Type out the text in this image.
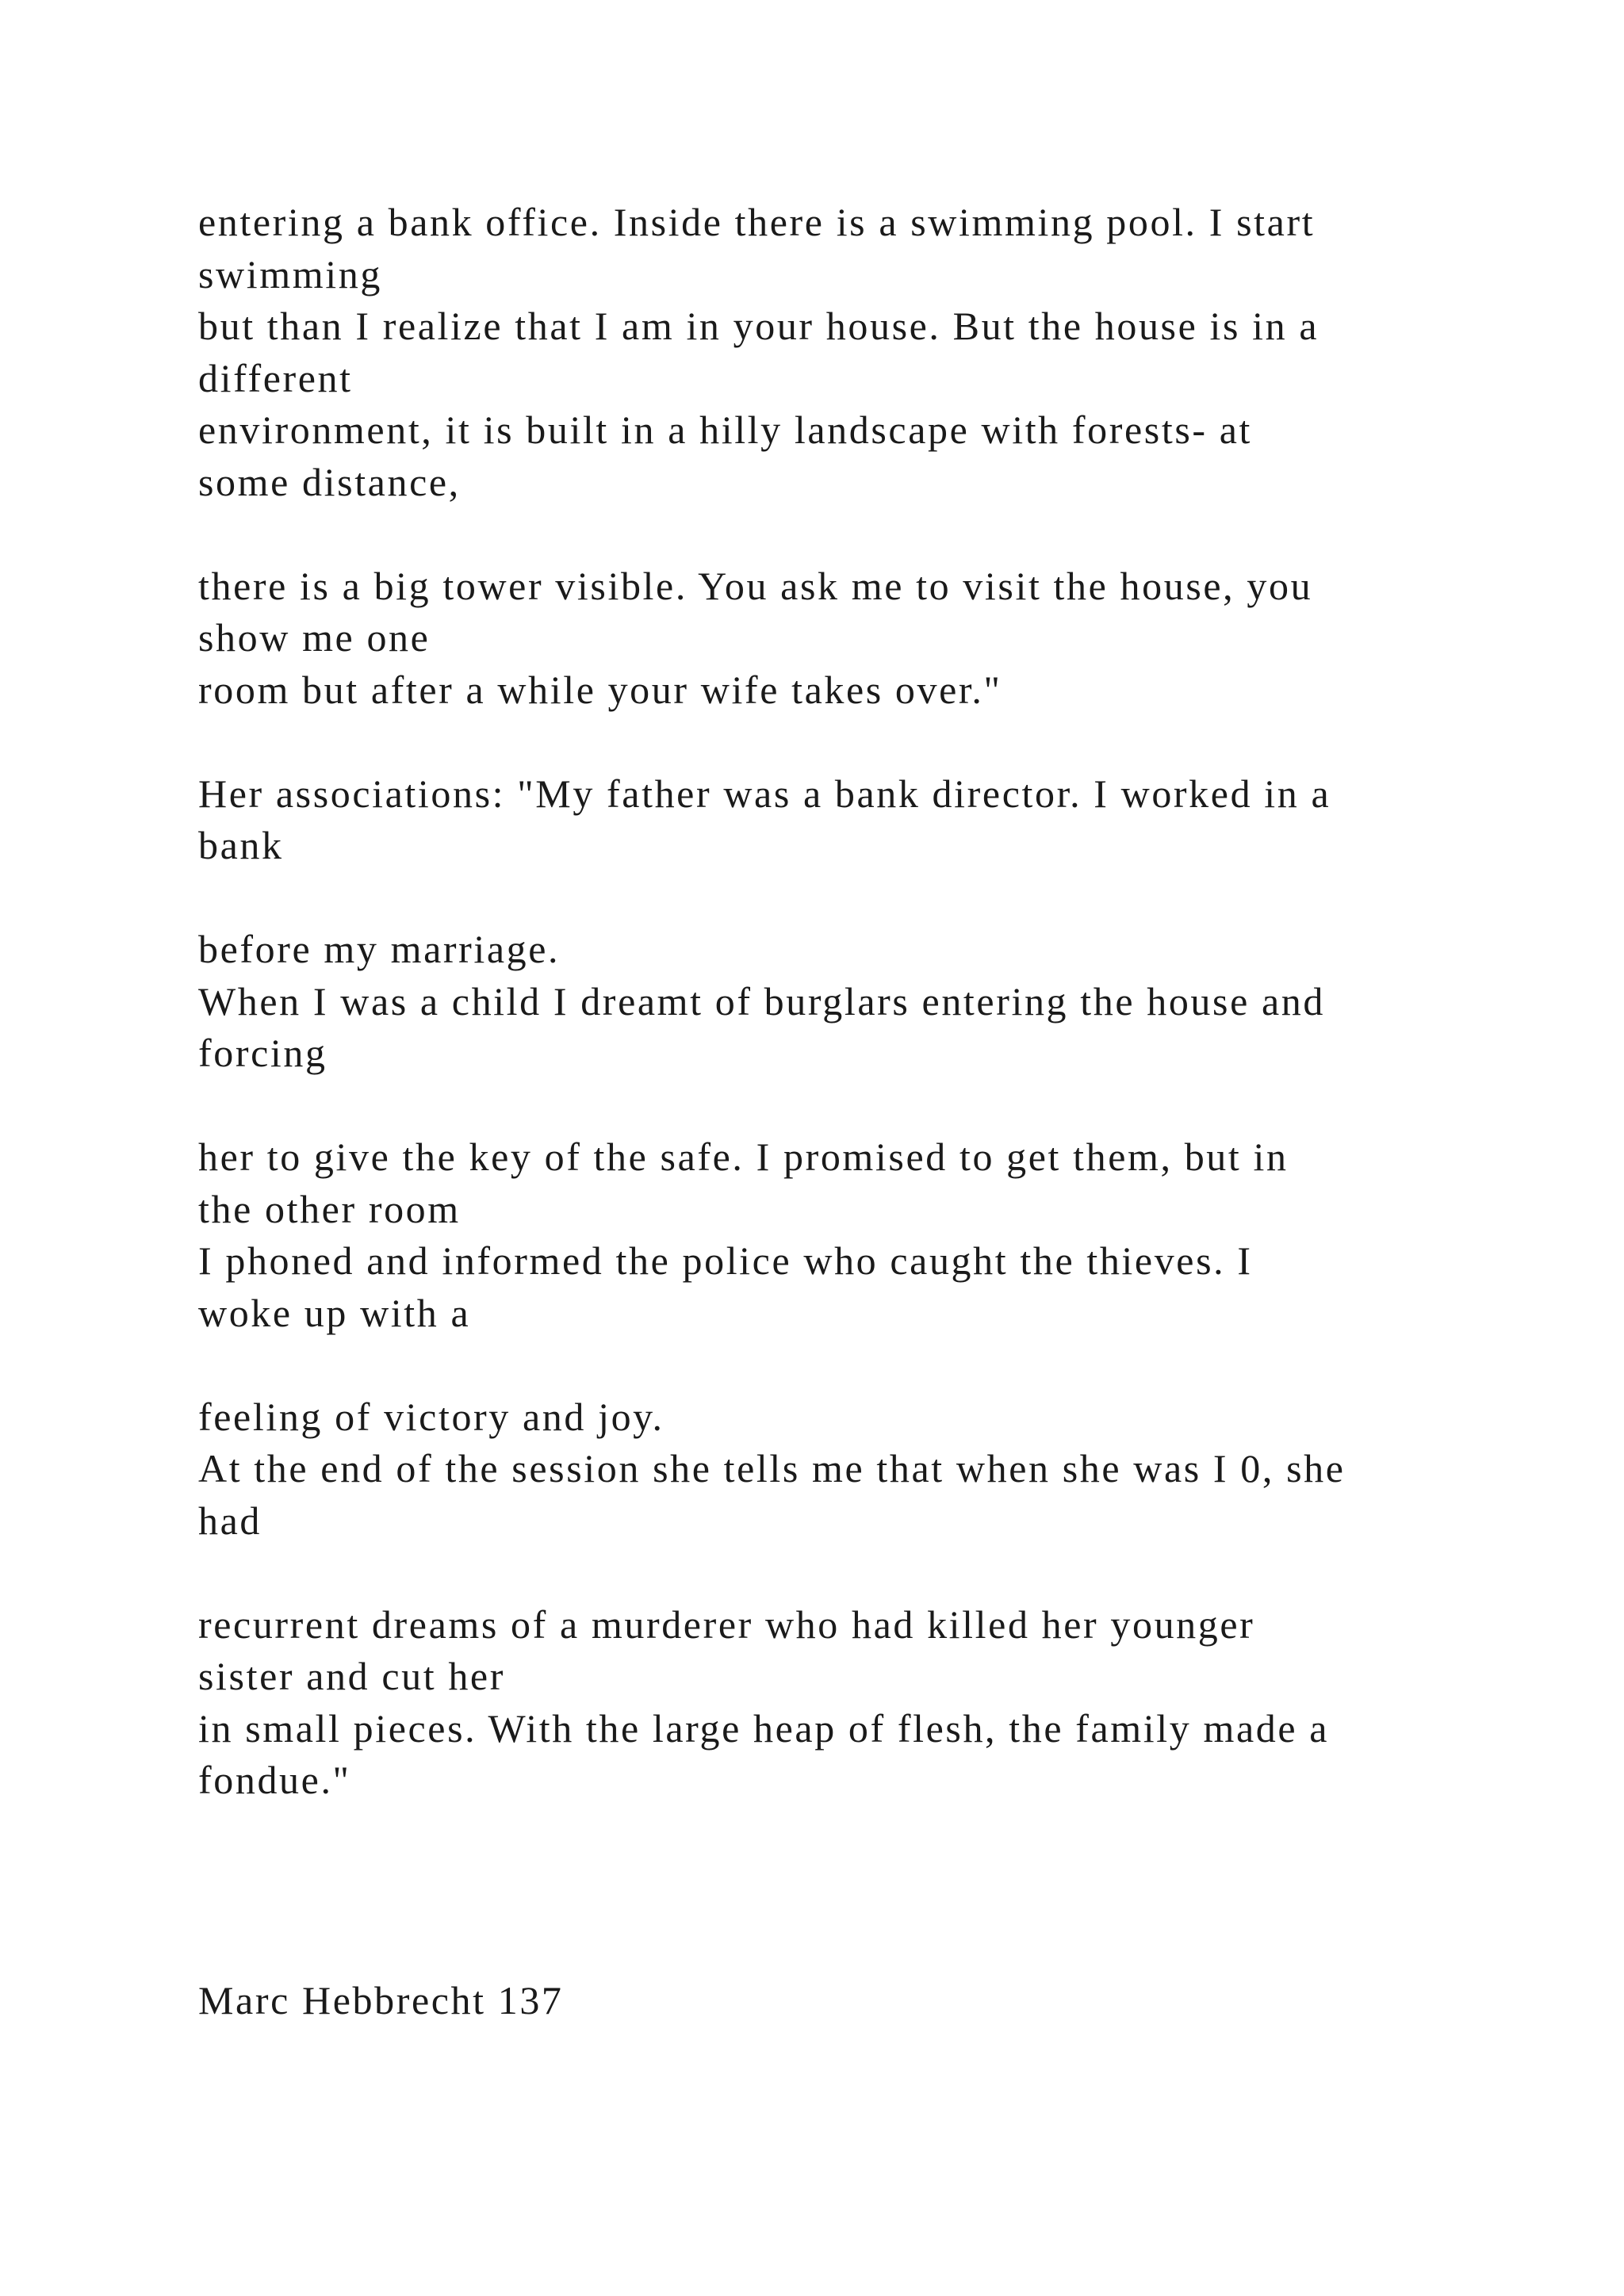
entering a bank office. Inside there is a swimming pool. I start
swimming
but than I realize that I am in your house. But the house is in a
different
environment, it is built in a hilly landscape with forests- at
some distance,
there is a big tower visible. You ask me to visit the house, you
show me one
room but after a while your wife takes over."
Her associations: "My father was a bank director. I worked in a
bank
before my marriage.
When I was a child I dreamt of burglars entering the house and
forcing
her to give the key of the safe. I promised to get them, but in
the other room
I phoned and informed the police who caught the thieves. I
woke up with a
feeling of victory and joy.
At the end of the session she tells me that when she was I 0, she
had
recurrent dreams of a murderer who had killed her younger
sister and cut her
in small pieces. With the large heap of flesh, the family made a
fondue."
Marc Hebbrecht 137
